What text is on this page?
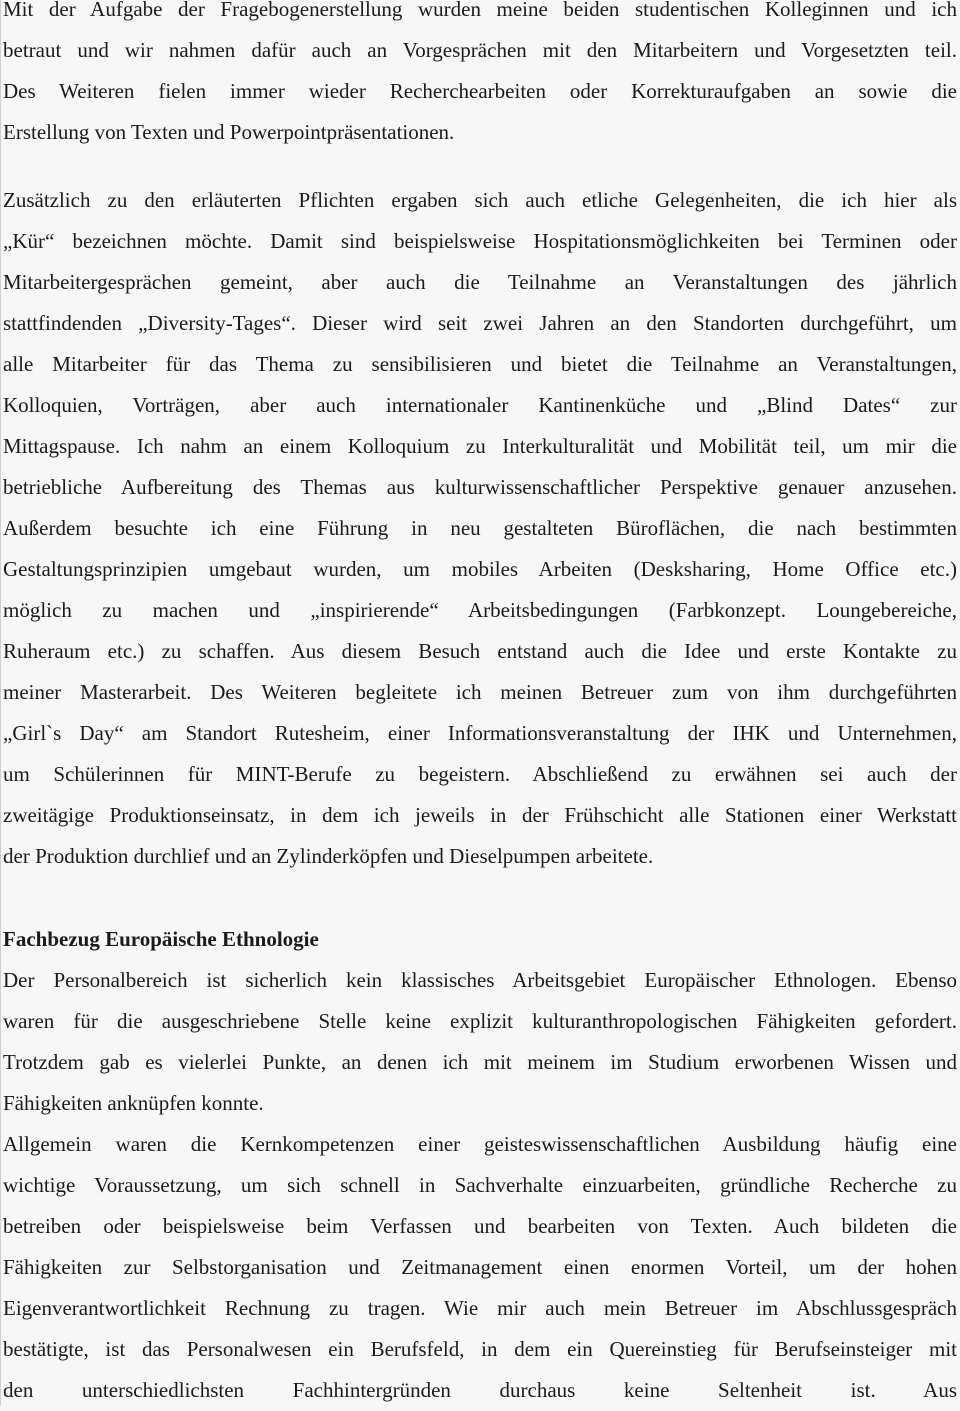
Mit der Aufgabe der Fragebogenerstellung wurden meine beiden studentischen Kolleginnen und ich
betraut und wir nahmen dafür auch an Vorgesprächen mit den Mitarbeitern und Vorgesetzten teil.
Des Weiteren fielen immer wieder Recherchearbeiten oder Korrekturaufgaben an sowie die
Erstellung von Texten und Powerpointpräsentationen.
Zusätzlich zu den erläuterten Pflichten ergaben sich auch etliche Gelegenheiten, die ich hier als
„Kür“ bezeichnen möchte. Damit sind beispielsweise Hospitationsmöglichkeiten bei Terminen oder
Mitarbeitergesprächen gemeint, aber auch die Teilnahme an Veranstaltungen des jährlich
stattfindenden „Diversity-Tages“. Dieser wird seit zwei Jahren an den Standorten durchgeführt, um
alle Mitarbeiter für das Thema zu sensibilisieren und bietet die Teilnahme an Veranstaltungen,
Kolloquien, Vorträgen, aber auch internationaler Kantinenküche und „Blind Dates“ zur
Mittagspause. Ich nahm an einem Kolloquium zu Interkulturalität und Mobilität teil, um mir die
betriebliche Aufbereitung des Themas aus kulturwissenschaftlicher Perspektive genauer anzusehen.
Außerdem besuchte ich eine Führung in neu gestalteten Büroflächen, die nach bestimmten
Gestaltungsprinzipien umgebaut wurden, um mobiles Arbeiten (Desksharing, Home Office etc.)
möglich zu machen und „inspirierende“ Arbeitsbedingungen (Farbkonzept. Loungebereiche,
Ruheraum etc.) zu schaffen. Aus diesem Besuch entstand auch die Idee und erste Kontakte zu
meiner Masterarbeit. Des Weiteren begleitete ich meinen Betreuer zum von ihm durchgeführten
„Girl`s Day“ am Standort Rutesheim, einer Informationsveranstaltung der IHK und Unternehmen,
um Schülerinnen für MINT-Berufe zu begeistern. Abschließend zu erwähnen sei auch der
zweitägige Produktionseinsatz, in dem ich jeweils in der Frühschicht alle Stationen einer Werkstatt
der Produktion durchlief und an Zylinderköpfen und Dieselpumpen arbeitete.
Fachbezug Europäische Ethnologie
Der Personalbereich ist sicherlich kein klassisches Arbeitsgebiet Europäischer Ethnologen. Ebenso
waren für die ausgeschriebene Stelle keine explizit kulturanthropologischen Fähigkeiten gefordert.
Trotzdem gab es vielerlei Punkte, an denen ich mit meinem im Studium erworbenen Wissen und
Fähigkeiten anknüpfen konnte.
Allgemein waren die Kernkompetenzen einer geisteswissenschaftlichen Ausbildung häufig eine
wichtige Voraussetzung, um sich schnell in Sachverhalte einzuarbeiten, gründliche Recherche zu
betreiben oder beispielsweise beim Verfassen und bearbeiten von Texten. Auch bildeten die
Fähigkeiten zur Selbstorganisation und Zeitmanagement einen enormen Vorteil, um der hohen
Eigenverantwortlichkeit Rechnung zu tragen. Wie mir auch mein Betreuer im Abschlussgespräch
bestätigte, ist das Personalwesen ein Berufsfeld, in dem ein Quereinstieg für Berufseinsteiger mit
den unterschiedlichsten Fachhintergründen durchaus keine Seltenheit ist. Aus
